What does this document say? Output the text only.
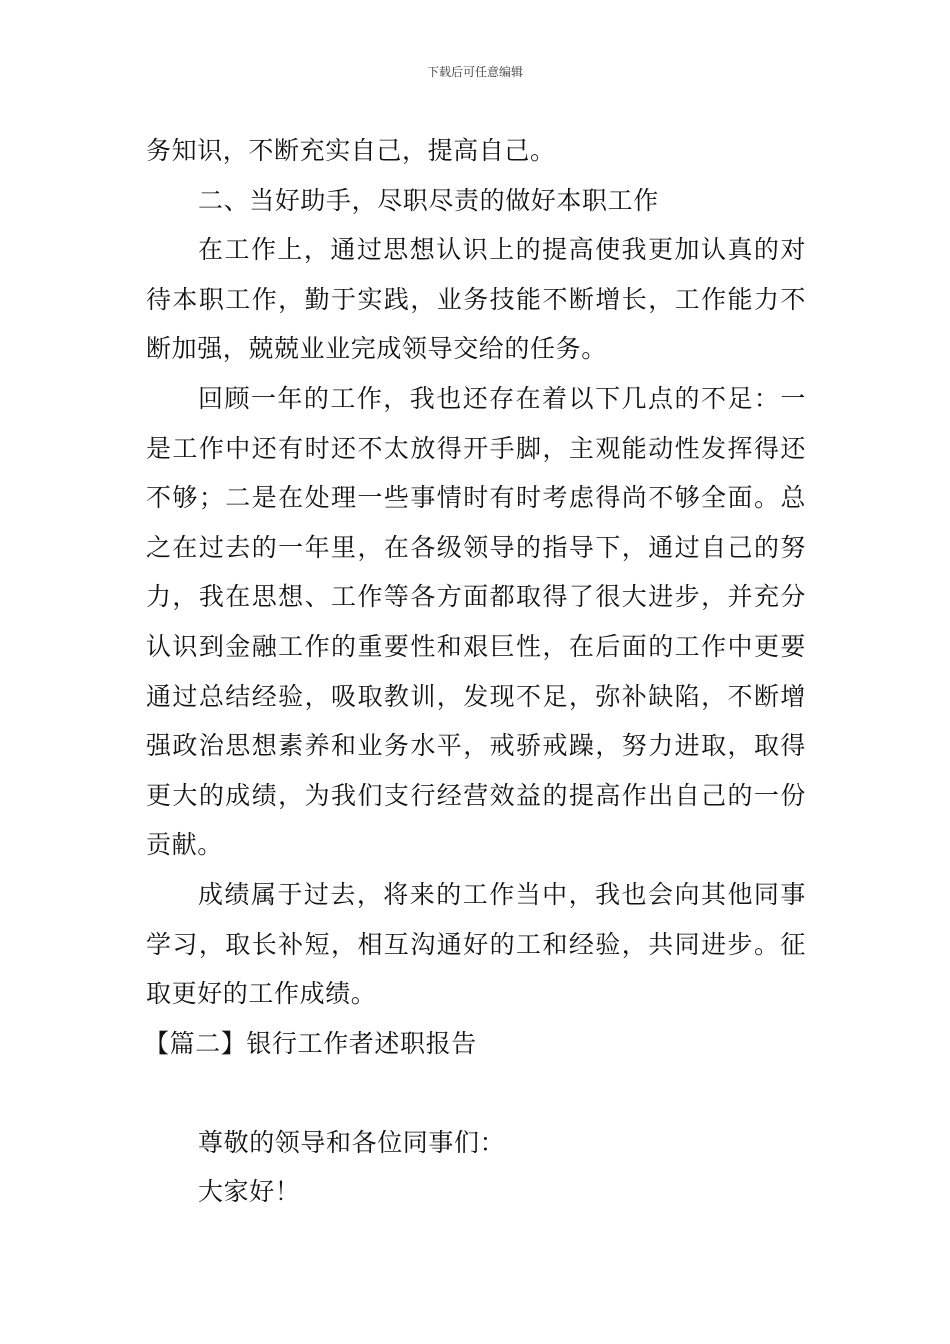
下载后可任意编辑

务知识，不断充实自己，提高自己。

二、当好助手，尽职尽责的做好本职工作

在工作上，通过思想认识上的提高使我更加认真的对待本职工作，勤于实践，业务技能不断增长，工作能力不断加强，兢兢业业完成领导交给的任务。

回顾一年的工作，我也还存在着以下几点的不足：一是工作中还有时还不太放得开手脚，主观能动性发挥得还不够；二是在处理一些事情时有时考虑得尚不够全面。总之在过去的一年里，在各级领导的指导下，通过自己的努力，我在思想、工作等各方面都取得了很大进步，并充分认识到金融工作的重要性和艰巨性，在后面的工作中更要通过总结经验，吸取教训，发现不足，弥补缺陷，不断增强政治思想素养和业务水平，戒骄戒躁，努力进取，取得更大的成绩，为我们支行经营效益的提高作出自己的一份贡献。

成绩属于过去，将来的工作当中，我也会向其他同事学习，取长补短，相互沟通好的工和经验，共同进步。征取更好的工作成绩。

【篇二】银行工作者述职报告

尊敬的领导和各位同事们：

大家好！
